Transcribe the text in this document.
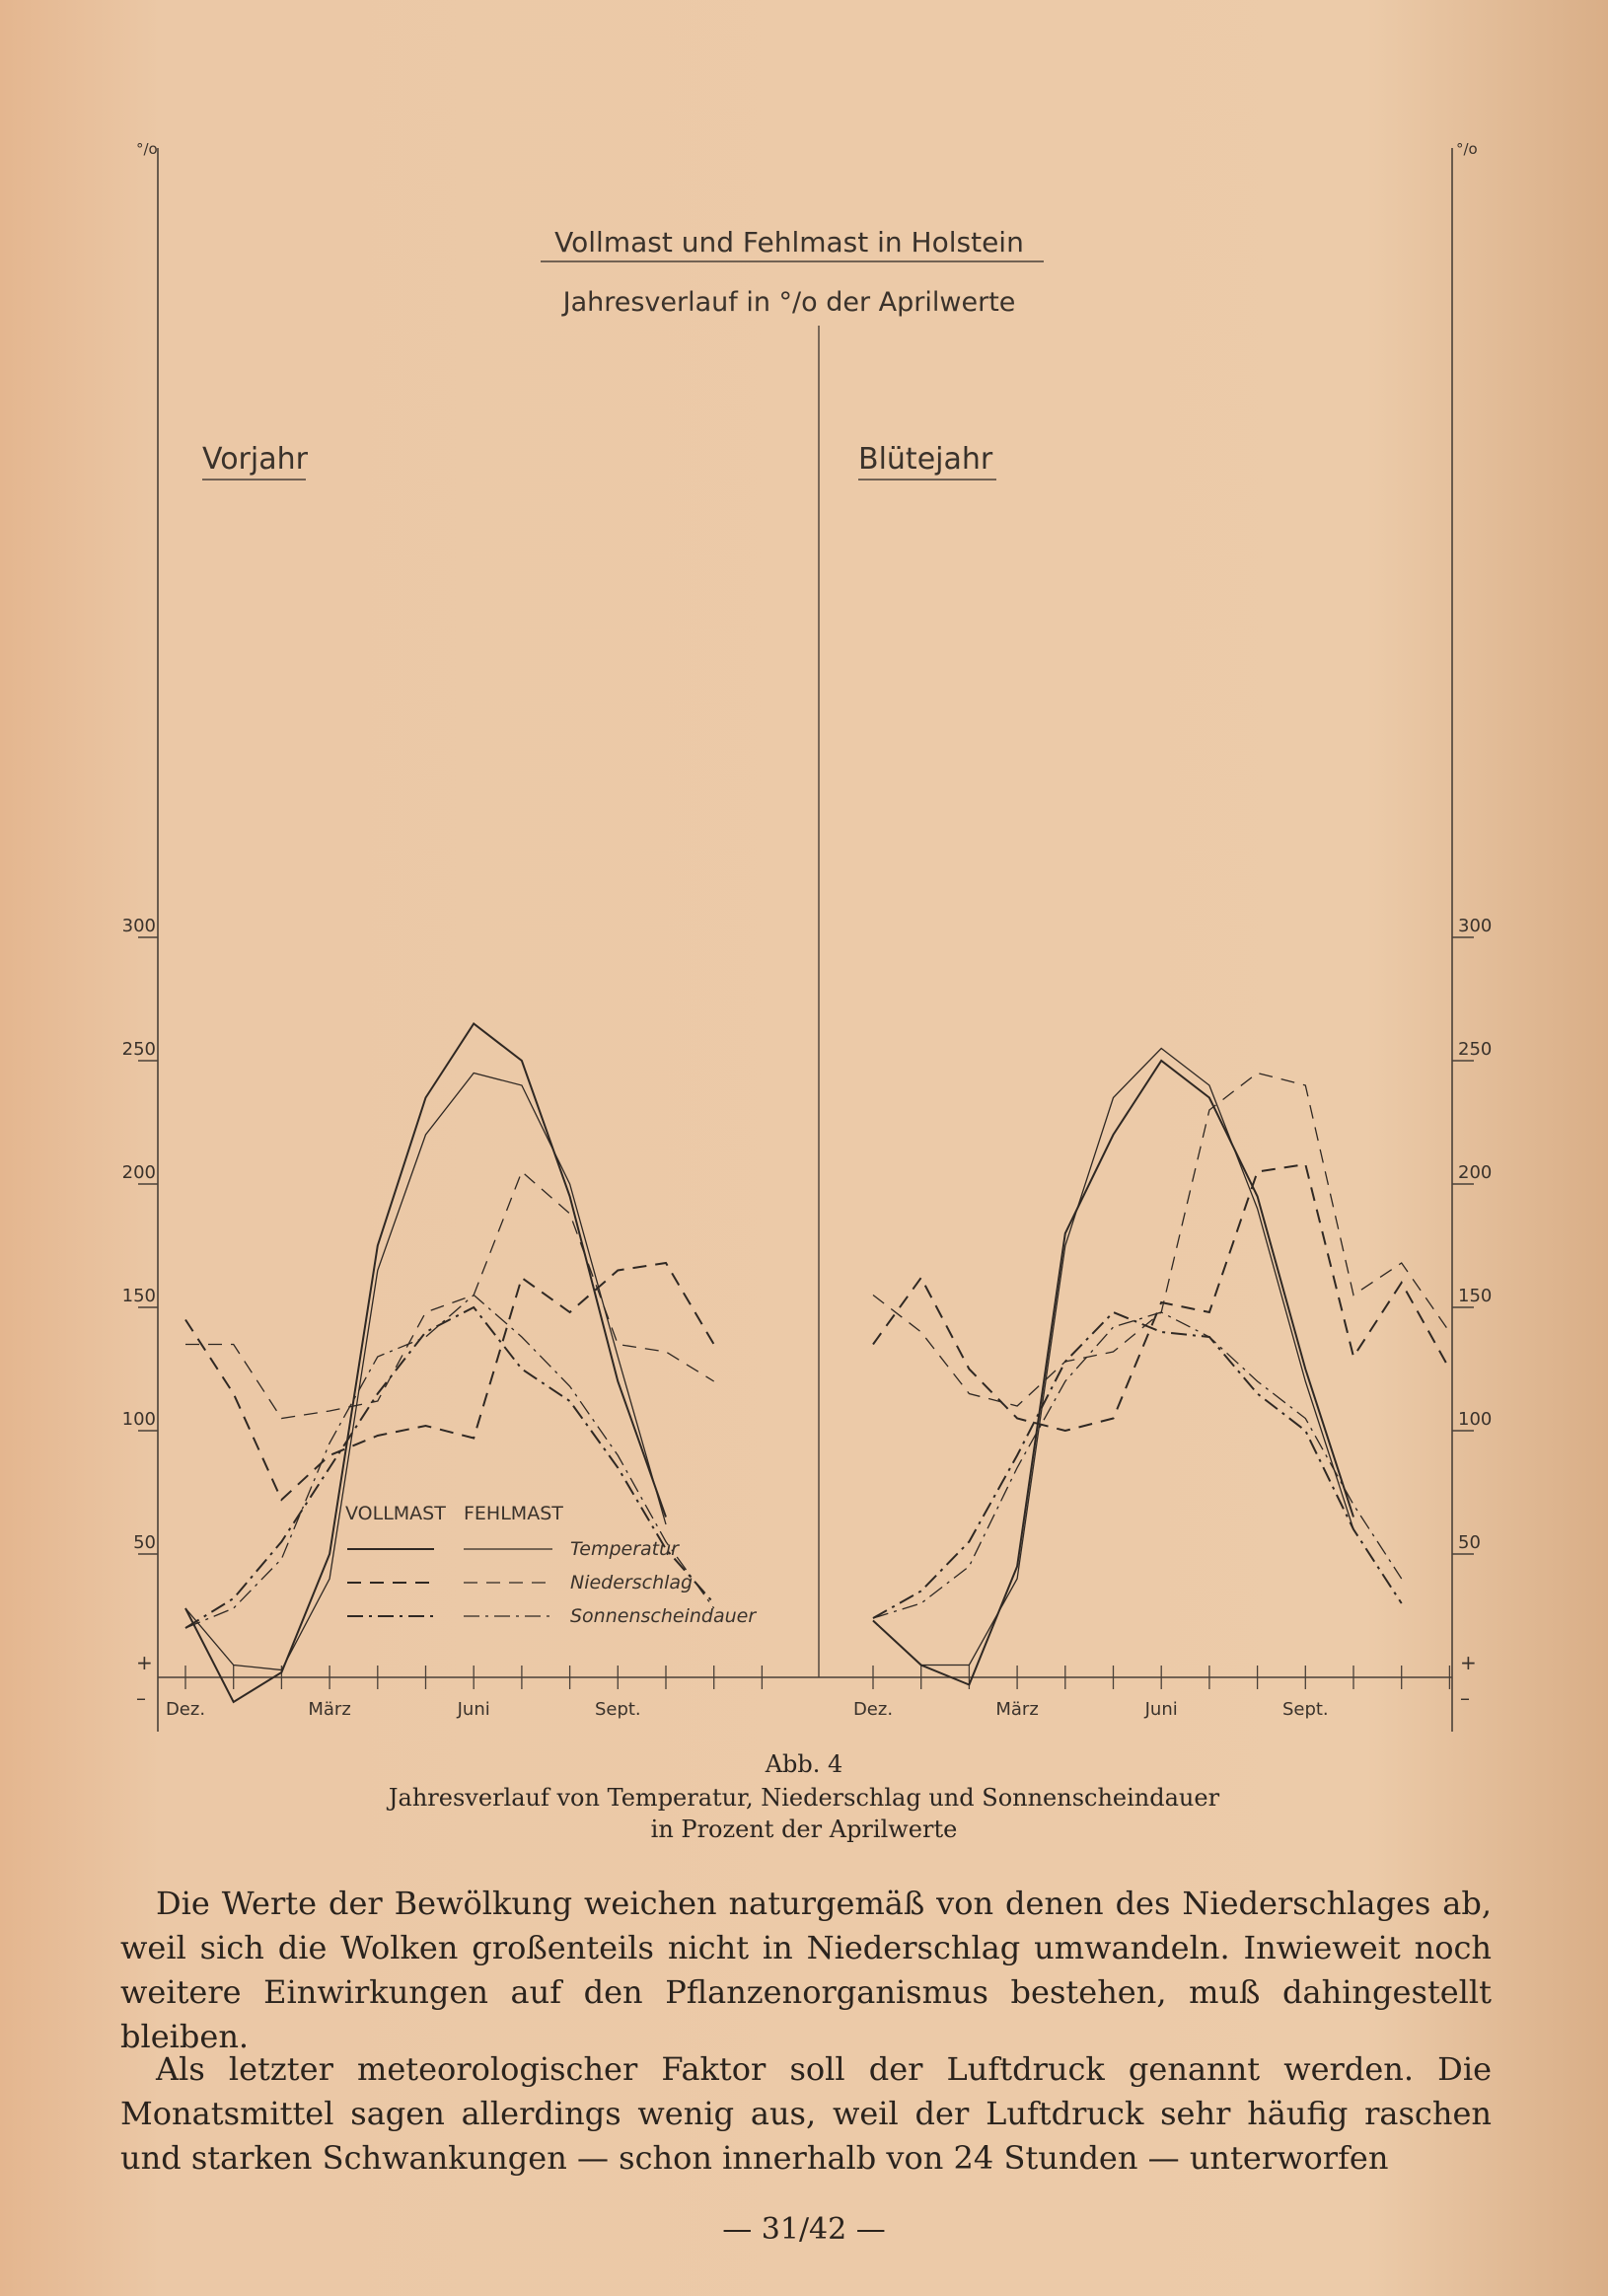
300	300
250	250
200	200
150	150
100	100
50	50
°/o	°/o
+
–
+
–
Vollmast und Fehlmast in Holstein
Jahresverlauf in °/o der Aprilwerte
Vorjahr
Dez.	März	Juni	Sept.
Blütejahr
Dez.	März	Juni	Sept.
VOLLMAST FEHLMAST
Temperatur
Niederschlag
Sonnenscheindauer
Abb. 4
Jahresverlauf von Temperatur, Niederschlag und Sonnenscheindauer
in Prozent der Aprilwerte
Die Werte der Bewölkung weichen naturgemäß von denen des Niederschlages ab, weil sich die Wolken großenteils nicht in Niederschlag umwandeln. Inwieweit noch weitere Einwirkungen auf den Pflanzenorganismus bestehen, muß dahingestellt bleiben.
Als letzter meteorologischer Faktor soll der Luftdruck genannt werden. Die Monatsmittel sagen allerdings wenig aus, weil der Luftdruck sehr häufig raschen und starken Schwankungen — schon innerhalb von 24 Stunden — unterworfen
— 31/42 —
